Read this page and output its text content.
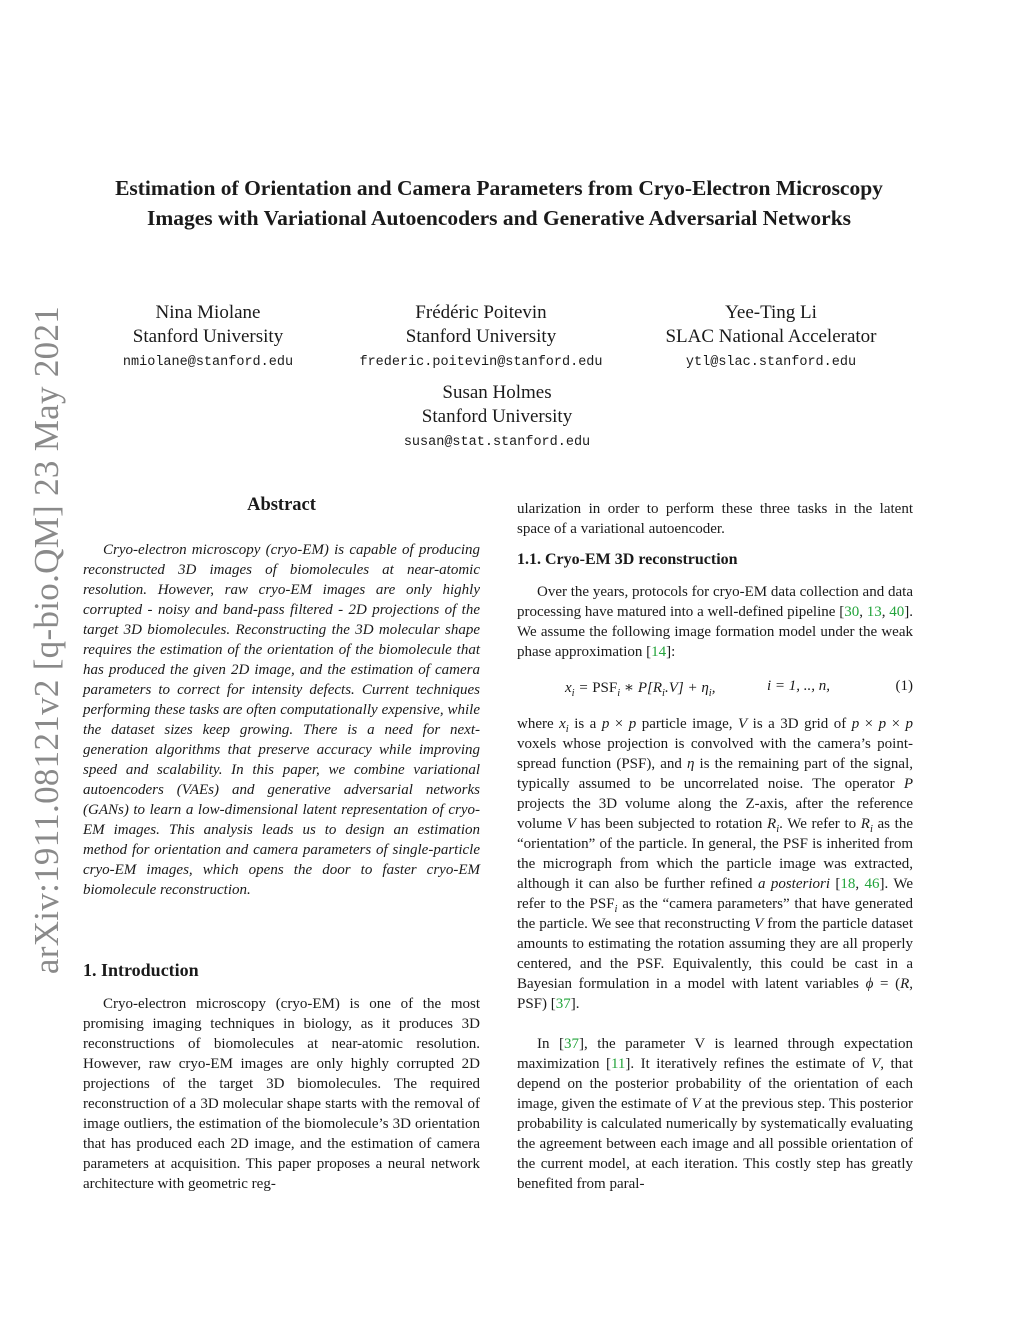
arXiv:1911.08121v2 [q-bio.QM] 23 May 2021
Estimation of Orientation and Camera Parameters from Cryo-Electron Microscopy Images with Variational Autoencoders and Generative Adversarial Networks
Nina Miolane
Stanford University
nmiolane@stanford.edu
Frédéric Poitevin
Stanford University
frederic.poitevin@stanford.edu
Yee-Ting Li
SLAC National Accelerator
ytl@slac.stanford.edu
Susan Holmes
Stanford University
susan@stat.stanford.edu
Abstract
Cryo-electron microscopy (cryo-EM) is capable of producing reconstructed 3D images of biomolecules at near-atomic resolution. However, raw cryo-EM images are only highly corrupted - noisy and band-pass filtered - 2D projections of the target 3D biomolecules. Reconstructing the 3D molecular shape requires the estimation of the orientation of the biomolecule that has produced the given 2D image, and the estimation of camera parameters to correct for intensity defects. Current techniques performing these tasks are often computationally expensive, while the dataset sizes keep growing. There is a need for next-generation algorithms that preserve accuracy while improving speed and scalability. In this paper, we combine variational autoencoders (VAEs) and generative adversarial networks (GANs) to learn a low-dimensional latent representation of cryo-EM images. This analysis leads us to design an estimation method for orientation and camera parameters of single-particle cryo-EM images, which opens the door to faster cryo-EM biomolecule reconstruction.
1. Introduction
Cryo-electron microscopy (cryo-EM) is one of the most promising imaging techniques in biology, as it produces 3D reconstructions of biomolecules at near-atomic resolution. However, raw cryo-EM images are only highly corrupted 2D projections of the target 3D biomolecules. The required reconstruction of a 3D molecular shape starts with the removal of image outliers, the estimation of the biomolecule’s 3D orientation that has produced each 2D image, and the estimation of camera parameters at acquisition. This paper proposes a neural network architecture with geometric reg-
ularization in order to perform these three tasks in the latent space of a variational autoencoder.
1.1. Cryo-EM 3D reconstruction
Over the years, protocols for cryo-EM data collection and data processing have matured into a well-defined pipeline [30, 13, 40]. We assume the following image formation model under the weak phase approximation [14]:
$x_i = PSF_i$ ∗ $P[R_i.V] + \eta_i$,	i = 1, .., n,	(1)
where $x_i$ is a p × p particle image, V is a 3D grid of p × p × p voxels whose projection is convolved with the camera’s point-spread function (PSF), and η is the remaining part of the signal, typically assumed to be uncorrelated noise. The operator P projects the 3D volume along the Z-axis, after the reference volume V has been subjected to rotation $R_i$. We refer to $R_i$ as the “orientation” of the particle. In general, the PSF is inherited from the micrograph from which the particle image was extracted, although it can also be further refined a posteriori [18, 46]. We refer to the $PSF_i$ as the “camera parameters” that have generated the particle. We see that reconstructing V from the particle dataset amounts to estimating the rotation assuming they are all properly centered, and the PSF. Equivalently, this could be cast in a Bayesian formulation in a model with latent variables ϕ = (R, PSF) [37].
In [37], the parameter V is learned through expectation maximization [11]. It iteratively refines the estimate of V, that depend on the posterior probability of the orientation of each image, given the estimate of V at the previous step. This posterior probability is calculated numerically by systematically evaluating the agreement between each image and all possible orientation of the current model, at each iteration. This costly step has greatly benefited from paral-
